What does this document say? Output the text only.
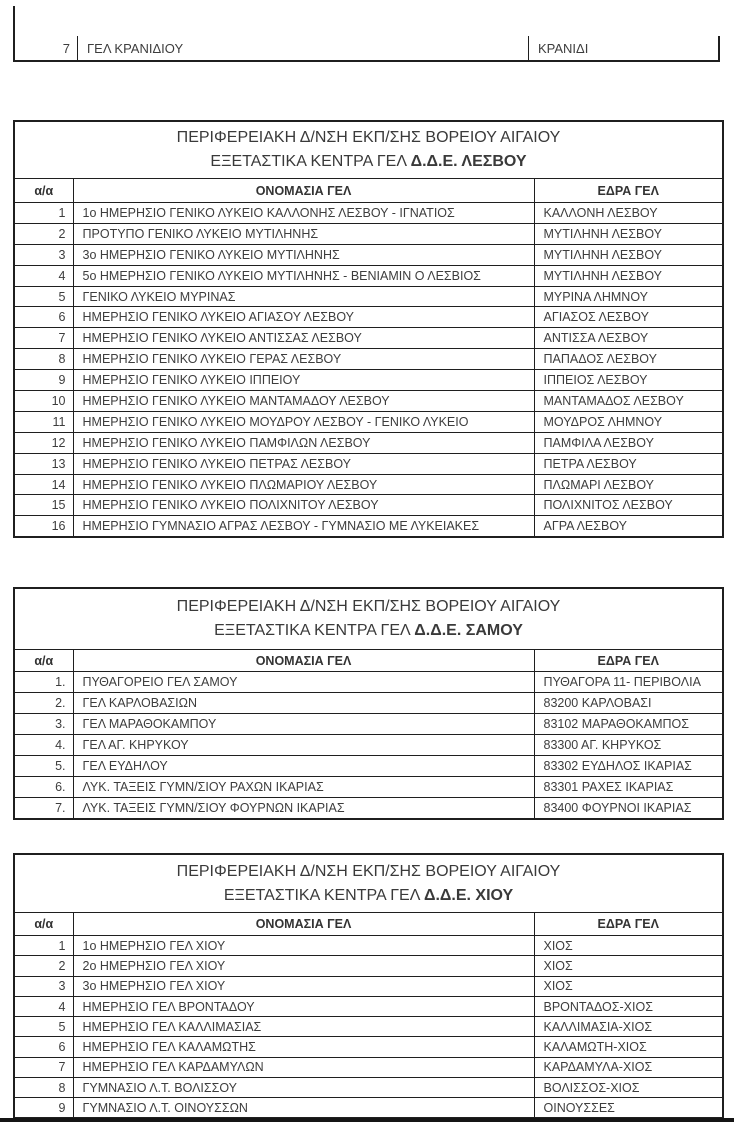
7	ΓΕΛ ΚΡΑΝΙΔΙΟΥ	ΚΡΑΝΙΔΙ
ΠΕΡΙΦΕΡΕΙΑΚΗ Δ/ΝΣΗ ΕΚΠ/ΣΗΣ ΒΟΡΕΙΟΥ ΑΙΓΑΙΟΥ
ΕΞΕΤΑΣΤΙΚΑ ΚΕΝΤΡΑ ΓΕΛ Δ.Δ.Ε. ΛΕΣΒΟΥ		

α/α	ΟΝΟΜΑΣΙΑ ΓΕΛ	ΕΔΡΑ ΓΕΛ
1	1ο ΗΜΕΡΗΣΙΟ ΓΕΝΙΚΟ ΛΥΚΕΙΟ ΚΑΛΛΟΝΗΣ ΛΕΣΒΟΥ - ΙΓΝΑΤΙΟΣ	ΚΑΛΛΟΝΗ ΛΕΣΒΟΥ
2	ΠΡΟΤΥΠΟ ΓΕΝΙΚΟ ΛΥΚΕΙΟ ΜΥΤΙΛΗΝΗΣ	ΜΥΤΙΛΗΝΗ ΛΕΣΒΟΥ
3	3ο ΗΜΕΡΗΣΙΟ ΓΕΝΙΚΟ ΛΥΚΕΙΟ ΜΥΤΙΛΗΝΗΣ	ΜΥΤΙΛΗΝΗ ΛΕΣΒΟΥ
4	5ο ΗΜΕΡΗΣΙΟ ΓΕΝΙΚΟ ΛΥΚΕΙΟ ΜΥΤΙΛΗΝΗΣ - ΒΕΝΙΑΜΙΝ Ο ΛΕΣΒΙΟΣ	ΜΥΤΙΛΗΝΗ ΛΕΣΒΟΥ
5	ΓΕΝΙΚΟ ΛΥΚΕΙΟ ΜΥΡΙΝΑΣ	ΜΥΡΙΝΑ ΛΗΜΝΟΥ
6	ΗΜΕΡΗΣΙΟ ΓΕΝΙΚΟ ΛΥΚΕΙΟ ΑΓΙΑΣΟΥ ΛΕΣΒΟΥ	ΑΓΙΑΣΟΣ ΛΕΣΒΟΥ
7	ΗΜΕΡΗΣΙΟ ΓΕΝΙΚΟ ΛΥΚΕΙΟ ΑΝΤΙΣΣΑΣ ΛΕΣΒΟΥ	ΑΝΤΙΣΣΑ ΛΕΣΒΟΥ
8	ΗΜΕΡΗΣΙΟ ΓΕΝΙΚΟ ΛΥΚΕΙΟ ΓΕΡΑΣ ΛΕΣΒΟΥ	ΠΑΠΑΔΟΣ ΛΕΣΒΟΥ
9	ΗΜΕΡΗΣΙΟ ΓΕΝΙΚΟ ΛΥΚΕΙΟ ΙΠΠΕΙΟΥ	ΙΠΠΕΙΟΣ ΛΕΣΒΟΥ
10	ΗΜΕΡΗΣΙΟ ΓΕΝΙΚΟ ΛΥΚΕΙΟ ΜΑΝΤΑΜΑΔΟΥ ΛΕΣΒΟΥ	ΜΑΝΤΑΜΑΔΟΣ ΛΕΣΒΟΥ
11	ΗΜΕΡΗΣΙΟ ΓΕΝΙΚΟ ΛΥΚΕΙΟ ΜΟΥΔΡΟΥ ΛΕΣΒΟΥ - ΓΕΝΙΚΟ ΛΥΚΕΙΟ	ΜΟΥΔΡΟΣ ΛΗΜΝΟΥ
12	ΗΜΕΡΗΣΙΟ ΓΕΝΙΚΟ ΛΥΚΕΙΟ ΠΑΜΦΙΛΩΝ ΛΕΣΒΟΥ	ΠΑΜΦΙΛΑ ΛΕΣΒΟΥ
13	ΗΜΕΡΗΣΙΟ ΓΕΝΙΚΟ ΛΥΚΕΙΟ ΠΕΤΡΑΣ ΛΕΣΒΟΥ	ΠΕΤΡΑ ΛΕΣΒΟΥ
14	ΗΜΕΡΗΣΙΟ ΓΕΝΙΚΟ ΛΥΚΕΙΟ ΠΛΩΜΑΡΙΟΥ ΛΕΣΒΟΥ	ΠΛΩΜΑΡΙ ΛΕΣΒΟΥ
15	ΗΜΕΡΗΣΙΟ ΓΕΝΙΚΟ ΛΥΚΕΙΟ ΠΟΛΙΧΝΙΤΟΥ ΛΕΣΒΟΥ	ΠΟΛΙΧΝΙΤΟΣ ΛΕΣΒΟΥ
16	ΗΜΕΡΗΣΙΟ ΓΥΜΝΑΣΙΟ ΑΓΡΑΣ ΛΕΣΒΟΥ - ΓΥΜΝΑΣΙΟ ΜΕ ΛΥΚΕΙΑΚΕΣ	ΑΓΡΑ ΛΕΣΒΟΥ
ΠΕΡΙΦΕΡΕΙΑΚΗ Δ/ΝΣΗ ΕΚΠ/ΣΗΣ ΒΟΡΕΙΟΥ ΑΙΓΑΙΟΥ
ΕΞΕΤΑΣΤΙΚΑ ΚΕΝΤΡΑ ΓΕΛ Δ.Δ.Ε. ΣΑΜΟΥ		

α/α	ΟΝΟΜΑΣΙΑ ΓΕΛ	ΕΔΡΑ ΓΕΛ
1.	ΠΥΘΑΓΟΡΕΙΟ ΓΕΛ ΣΑΜΟΥ	ΠΥΘΑΓΟΡΑ 11- ΠΕΡΙΒΟΛΙΑ
2.	ΓΕΛ ΚΑΡΛΟΒΑΣΙΩΝ	83200 ΚΑΡΛΟΒΑΣΙ
3.	ΓΕΛ ΜΑΡΑΘΟΚΑΜΠΟΥ	83102 ΜΑΡΑΘΟΚΑΜΠΟΣ
4.	ΓΕΛ ΑΓ. ΚΗΡΥΚΟΥ	83300 ΑΓ. ΚΗΡΥΚΟΣ
5.	ΓΕΛ ΕΥΔΗΛΟΥ	83302 ΕΥΔΗΛΟΣ ΙΚΑΡΙΑΣ
6.	ΛΥΚ. ΤΑΞΕΙΣ ΓΥΜΝ/ΣΙΟΥ ΡΑΧΩΝ ΙΚΑΡΙΑΣ	83301 ΡΑΧΕΣ ΙΚΑΡΙΑΣ
7.	ΛΥΚ. ΤΑΞΕΙΣ ΓΥΜΝ/ΣΙΟΥ ΦΟΥΡΝΩΝ ΙΚΑΡΙΑΣ	83400 ΦΟΥΡΝΟΙ ΙΚΑΡΙΑΣ
ΠΕΡΙΦΕΡΕΙΑΚΗ Δ/ΝΣΗ ΕΚΠ/ΣΗΣ ΒΟΡΕΙΟΥ ΑΙΓΑΙΟΥ
ΕΞΕΤΑΣΤΙΚΑ ΚΕΝΤΡΑ ΓΕΛ Δ.Δ.Ε. ΧΙΟΥ		

α/α	ΟΝΟΜΑΣΙΑ ΓΕΛ	ΕΔΡΑ ΓΕΛ
1	1ο ΗΜΕΡΗΣΙΟ ΓΕΛ ΧΙΟΥ	ΧΙΟΣ
2	2ο ΗΜΕΡΗΣΙΟ ΓΕΛ ΧΙΟΥ	ΧΙΟΣ
3	3ο ΗΜΕΡΗΣΙΟ ΓΕΛ ΧΙΟΥ	ΧΙΟΣ
4	ΗΜΕΡΗΣΙΟ ΓΕΛ ΒΡΟΝΤΑΔΟΥ	ΒΡΟΝΤΑΔΟΣ-ΧΙΟΣ
5	ΗΜΕΡΗΣΙΟ ΓΕΛ ΚΑΛΛΙΜΑΣΙΑΣ	ΚΑΛΛΙΜΑΣΙΑ-ΧΙΟΣ
6	ΗΜΕΡΗΣΙΟ ΓΕΛ ΚΑΛΑΜΩΤΗΣ	ΚΑΛΑΜΩΤΗ-ΧΙΟΣ
7	ΗΜΕΡΗΣΙΟ ΓΕΛ ΚΑΡΔΑΜΥΛΩΝ	ΚΑΡΔΑΜΥΛΑ-ΧΙΟΣ
8	ΓΥΜΝΑΣΙΟ Λ.Τ. ΒΟΛΙΣΣΟΥ	ΒΟΛΙΣΣΟΣ-ΧΙΟΣ
9	ΓΥΜΝΑΣΙΟ Λ.Τ. ΟΙΝΟΥΣΣΩΝ	ΟΙΝΟΥΣΣΕΣ
